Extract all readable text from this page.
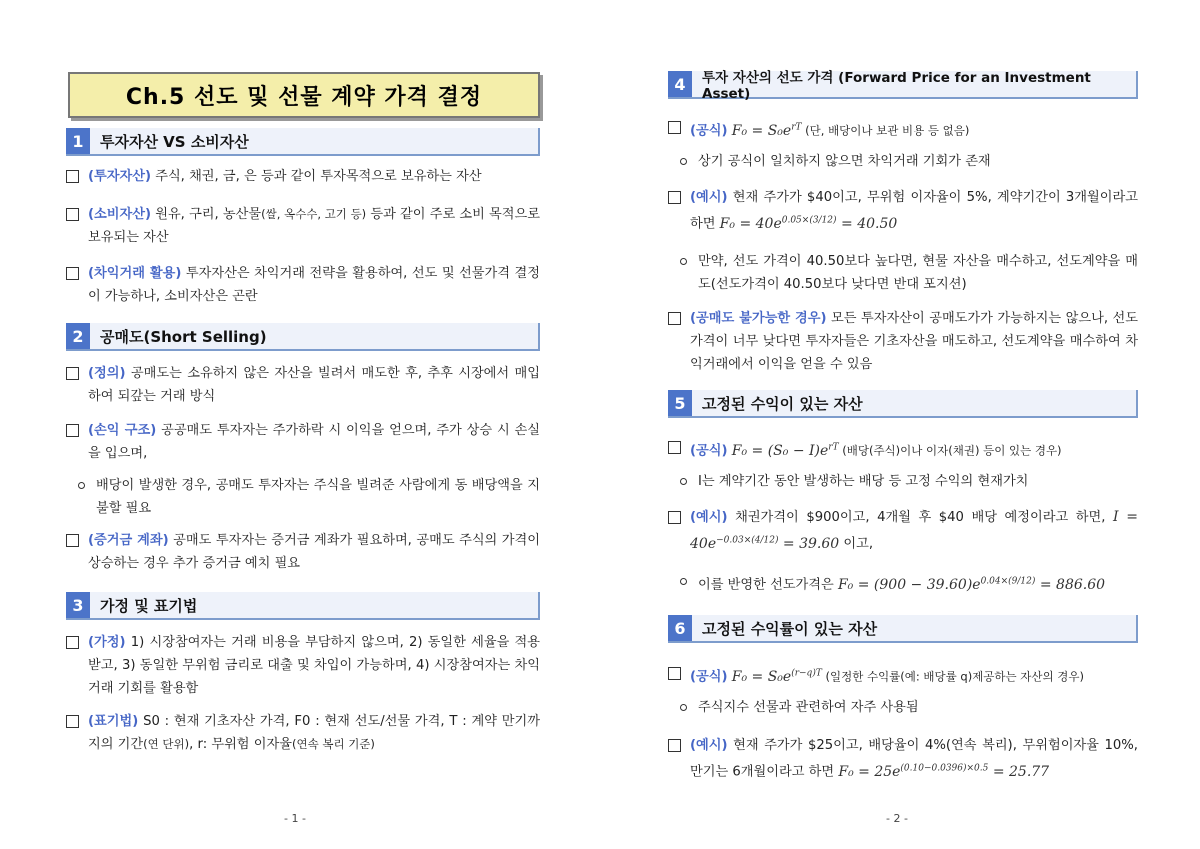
Ch.5 선도 및 선물 계약 가격 결정
1	투자자산 VS 소비자산
(투자자산) 주식, 채권, 금, 은 등과 같이 투자목적으로 보유하는 자산
(소비자산) 원유, 구리, 농산물(쌀, 옥수수, 고기 등) 등과 같이 주로 소비 목적으로 보유되는 자산
(차익거래 활용) 투자자산은 차익거래 전략을 활용하여, 선도 및 선물가격 결정이 가능하나, 소비자산은 곤란
2	공매도(Short Selling)
(정의) 공매도는 소유하지 않은 자산을 빌려서 매도한 후, 추후 시장에서 매입하여 되갚는 거래 방식
(손익 구조) 공공매도 투자자는 주가하락 시 이익을 얻으며, 주가 상승 시 손실을 입으며,
배당이 발생한 경우, 공매도 투자자는 주식을 빌려준 사람에게 동 배당액을 지불할 필요
(증거금 계좌) 공매도 투자자는 증거금 계좌가 필요하며, 공매도 주식의 가격이 상승하는 경우 추가 증거금 예치 필요
3	가정 및 표기법
(가정) 1) 시장참여자는 거래 비용을 부담하지 않으며, 2) 동일한 세율을 적용 받고, 3) 동일한 무위험 금리로 대출 및 차입이 가능하며, 4) 시장참여자는 차익거래 기회를 활용함
(표기법) S0 : 현재 기초자산 가격, F0 : 현재 선도/선물 가격, T : 계약 만기까지의 기간(연 단위), r: 무위험 이자율(연속 복리 기준)
- 1 -
4	투자 자산의 선도 가격 (Forward Price for an Investment Asset)
(공식) $F_0 = S_0e^{rT}$ (단, 배당이나 보관 비용 등 없음)
상기 공식이 일치하지 않으면 차익거래 기회가 존재
(예시) 현재 주가가 $40이고, 무위험 이자율이 5%, 계약기간이 3개월이라고 하면 $F_0 = 40e^{0.05\times(3/12)} = 40.50$
만약, 선도 가격이 40.50보다 높다면, 현물 자산을 매수하고, 선도계약을 매도(선도가격이 40.50보다 낮다면 반대 포지션)
(공매도 불가능한 경우) 모든 투자자산이 공매도가가 가능하지는 않으나, 선도가격이 너무 낮다면 투자자들은 기초자산을 매도하고, 선도계약을 매수하여 차익거래에서 이익을 얻을 수 있음
5	고정된 수익이 있는 자산
(공식) $F_0 = (S_0 - I)e^{rT}$ (배당(주식)이나 이자(채권) 등이 있는 경우)
I는 계약기간 동안 발생하는 배당 등 고정 수익의 현재가치
(예시) 채권가격이 $900이고, 4개월 후 $40 배당 예정이라고 하면, $I = 40e^{-0.03\times(4/12)} = 39.60$ 이고,
이를 반영한 선도가격은 $F_0 = (900 - 39.60)e^{0.04\times(9/12)} = 886.60$
6	고정된 수익률이 있는 자산
(공식) $F_0 = S_0e^{(r-q)T}$ (일정한 수익률(예: 배당률 q)제공하는 자산의 경우)
주식지수 선물과 관련하여 자주 사용됨
(예시) 현재 주가가 $25이고, 배당율이 4%(연속 복리), 무위험이자율 10%, 만기는 6개월이라고 하면 $F_0 = 25e^{(0.10-0.0396)\times 0.5} = 25.77$
- 2 -
